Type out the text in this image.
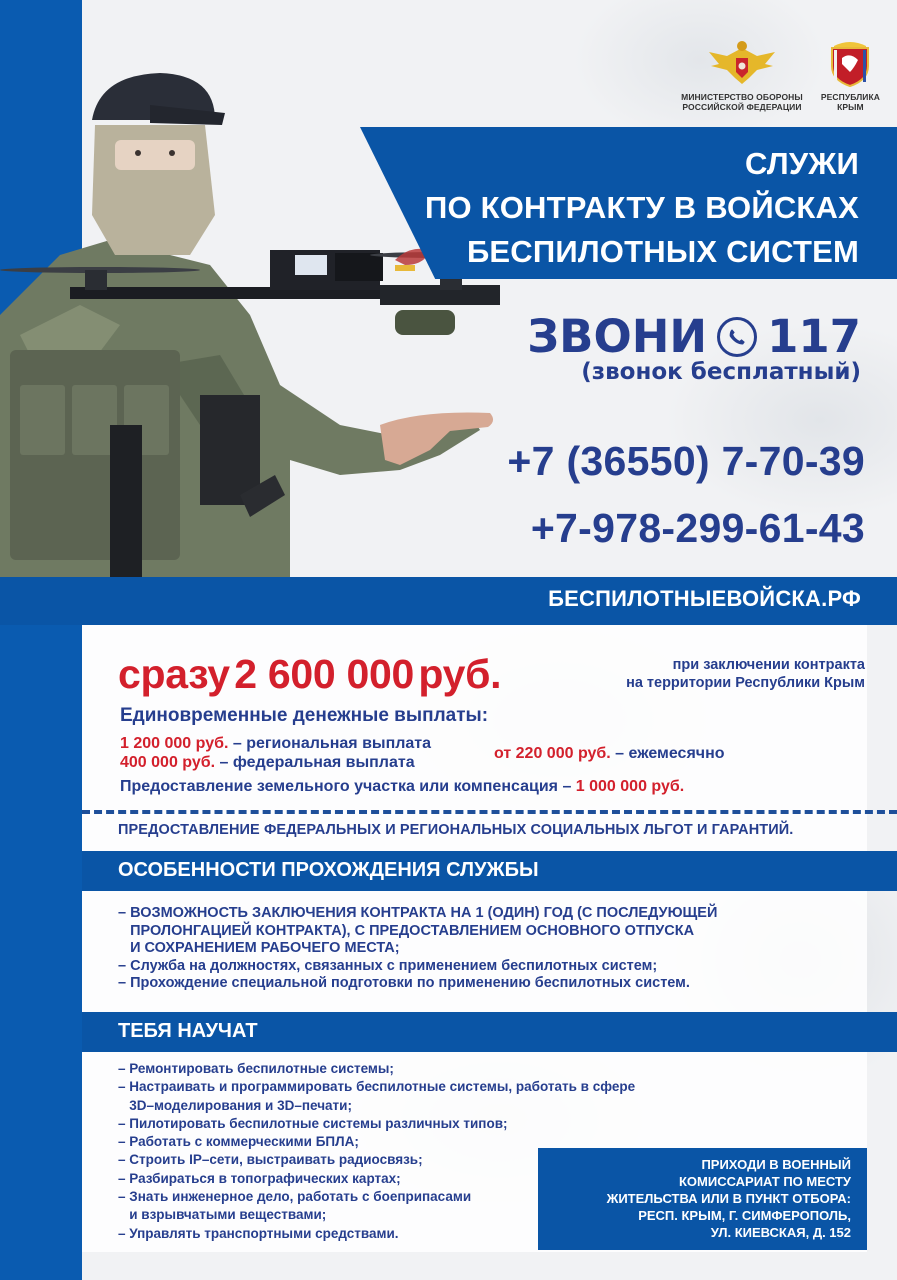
МИНИСТЕРСТВО ОБОРОНЫ
РОССИЙСКОЙ ФЕДЕРАЦИИ
РЕСПУБЛИКА
КРЫМ
СЛУЖИ
ПО КОНТРАКТУ В ВОЙСКАХ
БЕСПИЛОТНЫХ СИСТЕМ
ЗВОНИ 117
(звонок бесплатный)
+7 (36550) 7-70-39
+7-978-299-61-43
БЕСПИЛОТНЫЕВОЙСКА.РФ
сразу 2 600 000 руб.	при заключении контракта
на территории Республики Крым
Единовременные денежные выплаты:
1 200 000 руб. – региональная выплата
400 000 руб. – федеральная выплата
от 220 000 руб. – ежемесячно
Предоставление земельного участка или компенсация – 1 000 000 руб.
ПРЕДОСТАВЛЕНИЕ ФЕДЕРАЛЬНЫХ И РЕГИОНАЛЬНЫХ СОЦИАЛЬНЫХ ЛЬГОТ И ГАРАНТИЙ.
ОСОБЕННОСТИ ПРОХОЖДЕНИЯ СЛУЖБЫ
– ВОЗМОЖНОСТЬ ЗАКЛЮЧЕНИЯ КОНТРАКТА НА 1 (ОДИН) ГОД (С ПОСЛЕДУЮЩЕЙ
ПРОЛОНГАЦИЕЙ КОНТРАКТА), С ПРЕДОСТАВЛЕНИЕМ ОСНОВНОГО ОТПУСКА
И СОХРАНЕНИЕМ РАБОЧЕГО МЕСТА;
– Служба на должностях, связанных с применением беспилотных систем;
– Прохождение специальной подготовки по применению беспилотных систем.
ТЕБЯ НАУЧАТ
– Ремонтировать беспилотные системы;
– Настраивать и программировать беспилотные системы, работать в сфере
3D–моделирования и 3D–печати;
– Пилотировать беспилотные системы различных типов;
– Работать с коммерческими БПЛА;
– Строить IP–сети, выстраивать радиосвязь;
– Разбираться в топографических картах;
– Знать инженерное дело, работать с боеприпасами
и взрывчатыми веществами;
– Управлять транспортными средствами.
ПРИХОДИ В ВОЕННЫЙ
КОМИССАРИАТ ПО МЕСТУ
ЖИТЕЛЬСТВА ИЛИ В ПУНКТ ОТБОРА:
РЕСП. КРЫМ, Г. СИМФЕРОПОЛЬ,
УЛ. КИЕВСКАЯ, Д. 152
